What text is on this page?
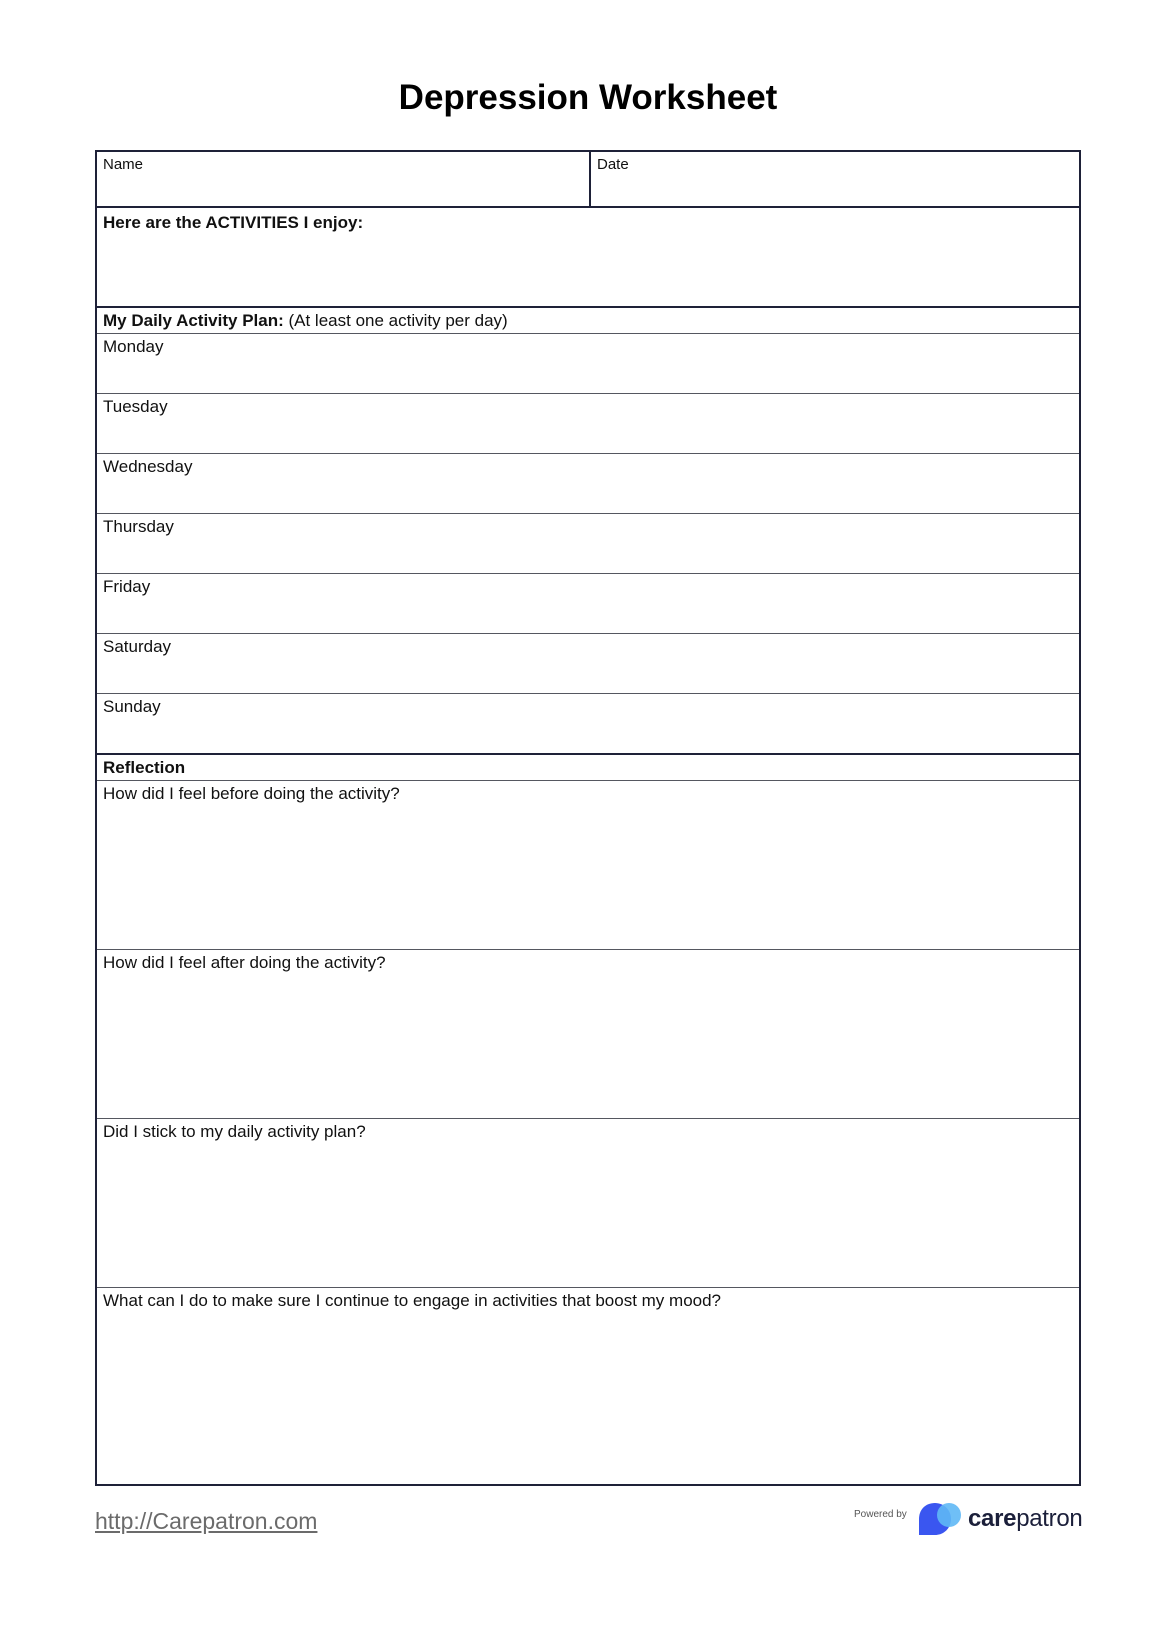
Depression Worksheet
Name	Date
Here are the ACTIVITIES I enjoy:
My Daily Activity Plan: (At least one activity per day)
Monday
Tuesday
Wednesday
Thursday
Friday
Saturday
Sunday
Reflection
How did I feel before doing the activity?
How did I feel after doing the activity?
Did I stick to my daily activity plan?
What can I do to make sure I continue to engage in activities that boost my mood?
http://Carepatron.com	Powered by	carepatron
